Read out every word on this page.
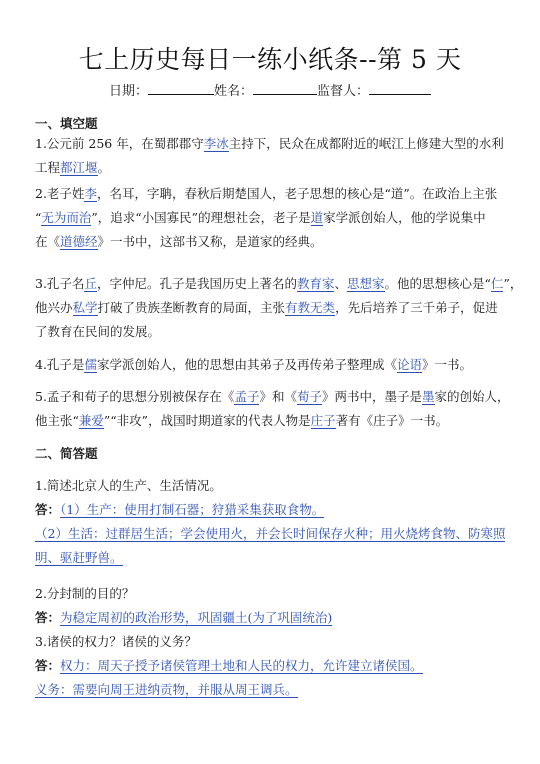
七上历史每日一练小纸条--第 5 天
日期：	姓名：	监督人：
一、填空题
1.公元前 256 年，在蜀郡郡守李冰主持下，民众在成都附近的岷江上修建大型的水利
工程都江堰。
2.老子姓李，名耳，字聃，春秋后期楚国人，老子思想的核心是“道”。在政治上主张
“无为而治”，追求“小国寡民”的理想社会，老子是道家学派创始人，他的学说集中
在《道德经》一书中，这部书又称，是道家的经典。
3.孔子名丘，字仲尼。孔子是我国历史上著名的教育家、思想家。他的思想核心是“仁”，
他兴办私学打破了贵族垄断教育的局面，主张有教无类，先后培养了三千弟子，促进
了教育在民间的发展。
4.孔子是儒家学派创始人，他的思想由其弟子及再传弟子整理成《论语》一书。
5.孟子和荀子的思想分别被保存在《孟子》和《荀子》两书中，墨子是墨家的创始人，
他主张“兼爱”“非攻”，战国时期道家的代表人物是庄子著有《庄子》一书。
二、简答题
1.简述北京人的生产、生活情况。
答：（1）生产：使用打制石器；狩猎采集获取食物。
（2）生活：过群居生活；学会使用火，并会长时间保存火种；用火烧烤食物、防寒照
明、驱赶野兽。
2.分封制的目的？
答：为稳定周初的政治形势，巩固疆土(为了巩固统治)
3.诸侯的权力？诸侯的义务？
答：权力：周天子授予诸侯管理土地和人民的权力，允许建立诸侯国。
义务：需要向周王进纳贡物，并服从周王调兵。
